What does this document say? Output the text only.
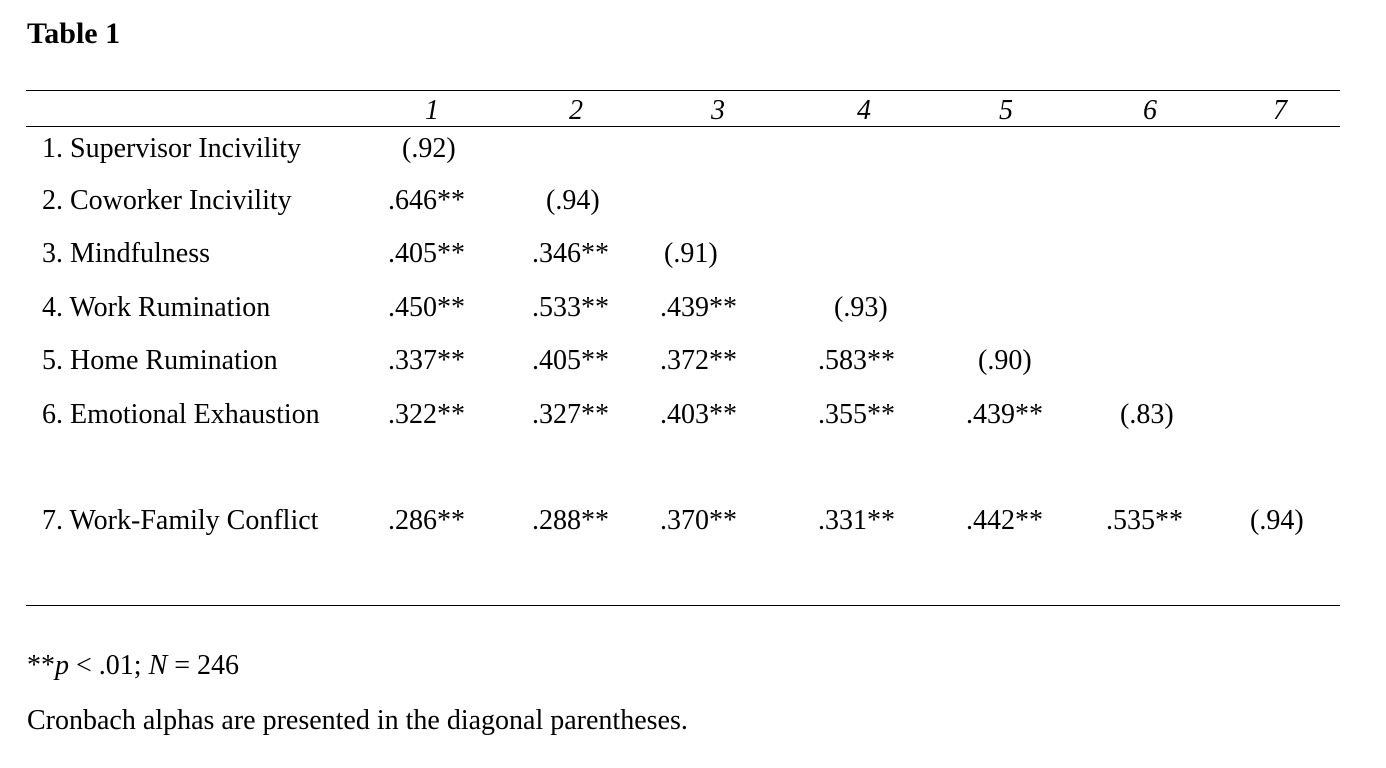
Table 1
1	2	3	4	5	6	7
1. Supervisor Incivility	(.92)
2. Coworker Incivility	.646**	(.94)
3. Mindfulness	.405** .346** (.91)
4. Work Rumination	.450** .533** .439**	(.93)
5. Home Rumination	.337** .405** .372**	.583**	(.90)
6. Emotional Exhaustion	.322** .327** .403**	.355**	.439**	(.83)
7. Work-Family Conflict	.286** .288** .370**	.331**	.442** .535** (.94)
**p < .01; N = 246
Cronbach alphas are presented in the diagonal parentheses.
